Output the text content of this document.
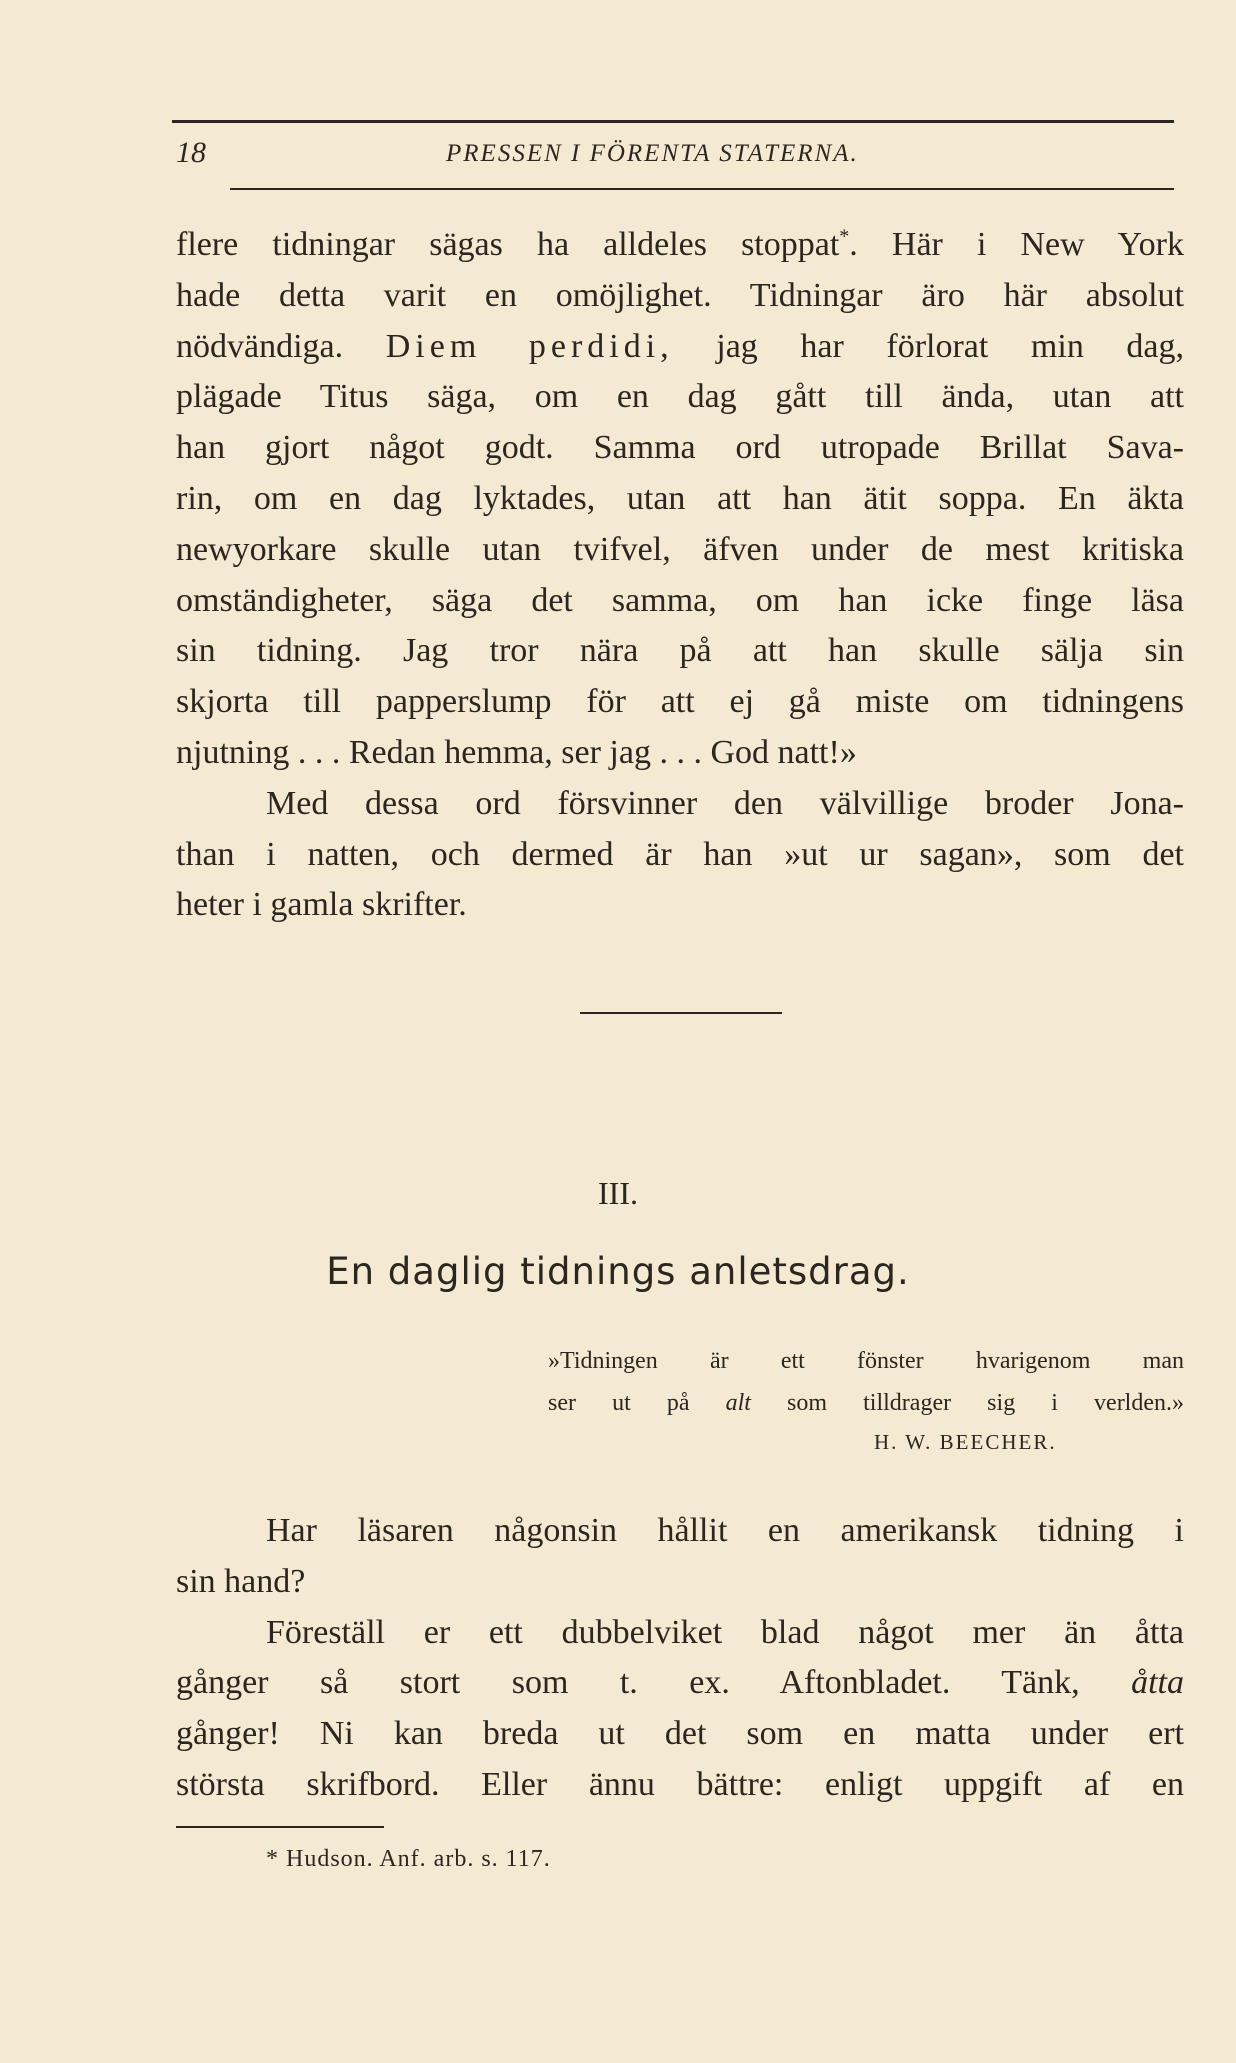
18	PRESSEN I FÖRENTA STATERNA.
flere tidningar sägas ha alldeles stoppat*. Här i New York
hade detta varit en omöjlighet. Tidningar äro här absolut
nödvändiga. Diem perdidi, jag har förlorat min dag,
plägade Titus säga, om en dag gått till ända, utan att
han gjort något godt. Samma ord utropade Brillat Sava-
rin, om en dag lyktades, utan att han ätit soppa. En äkta
newyorkare skulle utan tvifvel, äfven under de mest kritiska
omständigheter, säga det samma, om han icke finge läsa
sin tidning. Jag tror nära på att han skulle sälja sin
skjorta till papperslump för att ej gå miste om tidningens
njutning . . . Redan hemma, ser jag . . . God natt!»
Med dessa ord försvinner den välvillige broder Jona-
than i natten, och dermed är han »ut ur sagan», som det
heter i gamla skrifter.
III.
En daglig tidnings anletsdrag.
»Tidningen är ett fönster hvarigenom man
ser ut på alt som tilldrager sig i verlden.»
H. W. BEECHER.
Har läsaren någonsin hållit en amerikansk tidning i
sin hand?
Föreställ er ett dubbelviket blad något mer än åtta
gånger så stort som t. ex. Aftonbladet. Tänk, åtta
gånger! Ni kan breda ut det som en matta under ert
största skrifbord. Eller ännu bättre: enligt uppgift af en
* Hudson. Anf. arb. s. 117.
